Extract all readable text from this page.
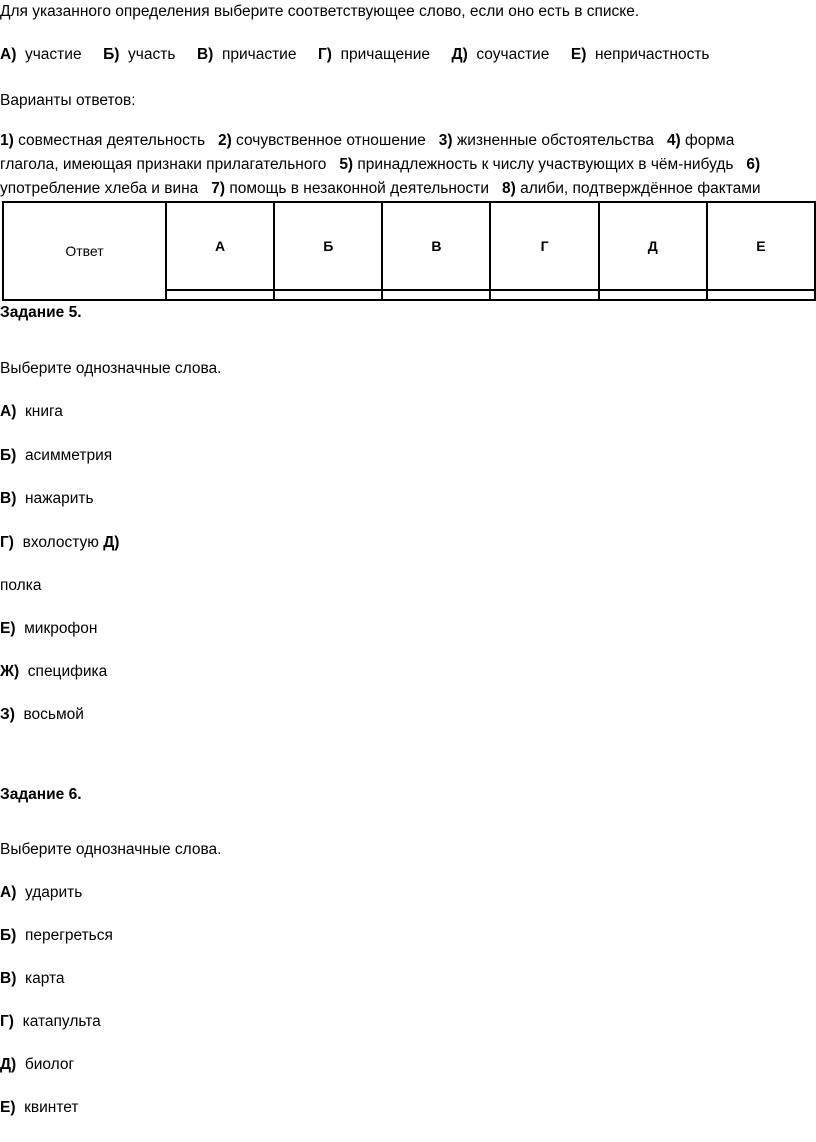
Для указанного определения выберите соответствующее слово, если оно есть в списке.
А) участие Б) участь В) причастие Г) причащение Д) соучастие Е) непричастность
Варианты ответов:
1) совместная деятельность   2) сочувственное отношение   3) жизненные обстоятельства   4) форма
глагола, имеющая признаки прилагательного   5) принадлежность к числу участвующих в чём-нибудь   6)
употребление хлеба и вина   7) помощь в незаконной деятельности   8) алиби, подтверждённое фактами
Ответ	А	Б	В	Г	Д	Е

Задание 5.
Выберите однозначные слова.
А) книга
Б) асимметрия
В) нажарить
Г) вхолостую Д)
полка
Е) микрофон
Ж) специфика
З) восьмой
Задание 6.
Выберите однозначные слова.
А) ударить
Б) перегреться
В) карта
Г) катапульта
Д) биолог
Е) квинтет
